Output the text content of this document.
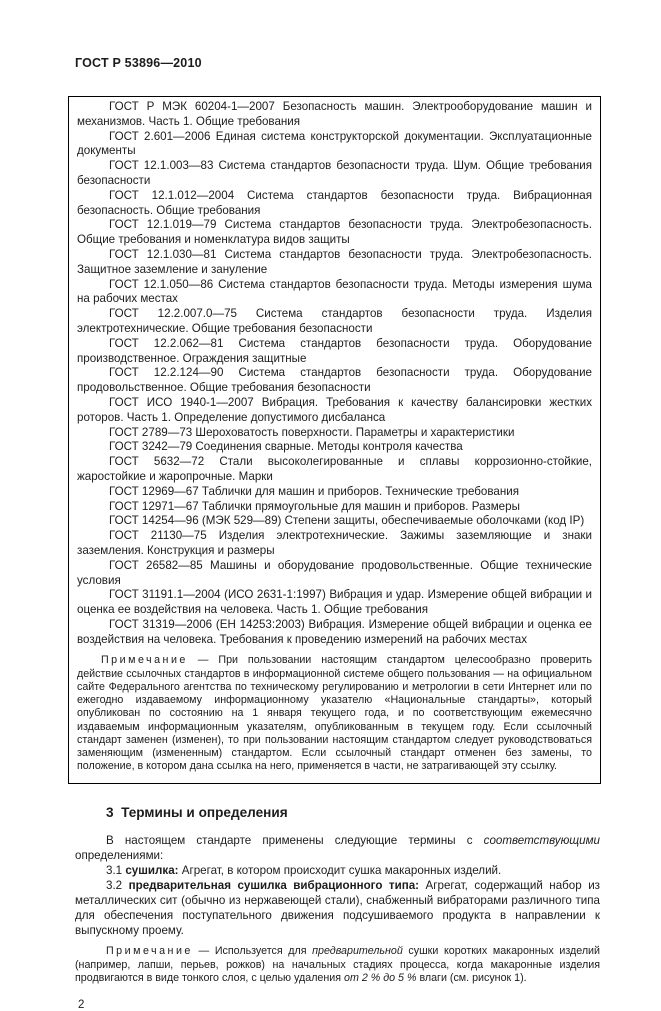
ГОСТ Р 53896—2010

ГОСТ Р МЭК 60204-1—2007 Безопасность машин. Электрооборудование машин и механизмов. Часть 1. Общие требования

ГОСТ 2.601—2006 Единая система конструкторской документации. Эксплуатационные документы

ГОСТ 12.1.003—83 Система стандартов безопасности труда. Шум. Общие требования безопасности

ГОСТ 12.1.012—2004 Система стандартов безопасности труда. Вибрационная безопасность. Общие требования

ГОСТ 12.1.019—79 Система стандартов безопасности труда. Электробезопасность. Общие требования и номенклатура видов защиты

ГОСТ 12.1.030—81 Система стандартов безопасности труда. Электробезопасность. Защитное заземление и зануление

ГОСТ 12.1.050—86 Система стандартов безопасности труда. Методы измерения шума на рабочих местах

ГОСТ 12.2.007.0—75 Система стандартов безопасности труда. Изделия электротехнические. Общие требования безопасности

ГОСТ 12.2.062—81 Система стандартов безопасности труда. Оборудование производственное. Ограждения защитные

ГОСТ 12.2.124—90 Система стандартов безопасности труда. Оборудование продовольственное. Общие требования безопасности

ГОСТ ИСО 1940-1—2007 Вибрация. Требования к качеству балансировки жестких роторов. Часть 1. Определение допустимого дисбаланса

ГОСТ 2789—73 Шероховатость поверхности. Параметры и характеристики

ГОСТ 3242—79 Соединения сварные. Методы контроля качества

ГОСТ 5632—72 Стали высоколегированные и сплавы коррозионно-стойкие, жаростойкие и жаропрочные. Марки

ГОСТ 12969—67 Таблички для машин и приборов. Технические требования

ГОСТ 12971—67 Таблички прямоугольные для машин и приборов. Размеры

ГОСТ 14254—96 (МЭК 529—89) Степени защиты, обеспечиваемые оболочками (код IP)

ГОСТ 21130—75 Изделия электротехнические. Зажимы заземляющие и знаки заземления. Конструкция и размеры

ГОСТ 26582—85 Машины и оборудование продовольственные. Общие технические условия

ГОСТ 31191.1—2004 (ИСО 2631-1:1997) Вибрация и удар. Измерение общей вибрации и оценка ее воздействия на человека. Часть 1. Общие требования

ГОСТ 31319—2006 (ЕН 14253:2003) Вибрация. Измерение общей вибрации и оценка ее воздействия на человека. Требования к проведению измерений на рабочих местах

Примечание — При пользовании настоящим стандартом целесообразно проверить действие ссылочных стандартов в информационной системе общего пользования — на официальном сайте Федерального агентства по техническому регулированию и метрологии в сети Интернет или по ежегодно издаваемому информационному указателю «Национальные стандарты», который опубликован по состоянию на 1 января текущего года, и по соответствующим ежемесячно издаваемым информационным указателям, опубликованным в текущем году. Если ссылочный стандарт заменен (изменен), то при пользовании настоящим стандартом следует руководствоваться заменяющим (измененным) стандартом. Если ссылочный стандарт отменен без замены, то положение, в котором дана ссылка на него, применяется в части, не затрагивающей эту ссылку.

3  Термины и определения

В настоящем стандарте применены следующие термины с соответствующими определениями:

3.1 сушилка: Агрегат, в котором происходит сушка макаронных изделий.

3.2 предварительная сушилка вибрационного типа: Агрегат, содержащий набор из металлических сит (обычно из нержавеющей стали), снабженный вибраторами различного типа для обеспечения поступательного движения подсушиваемого продукта в направлении к выпускному проему.

Примечание — Используется для предварительной сушки коротких макаронных изделий (например, лапши, перьев, рожков) на начальных стадиях процесса, когда макаронные изделия продвигаются в виде тонкого слоя, с целью удаления от 2 % до 5 % влаги (см. рисунок 1).

2
